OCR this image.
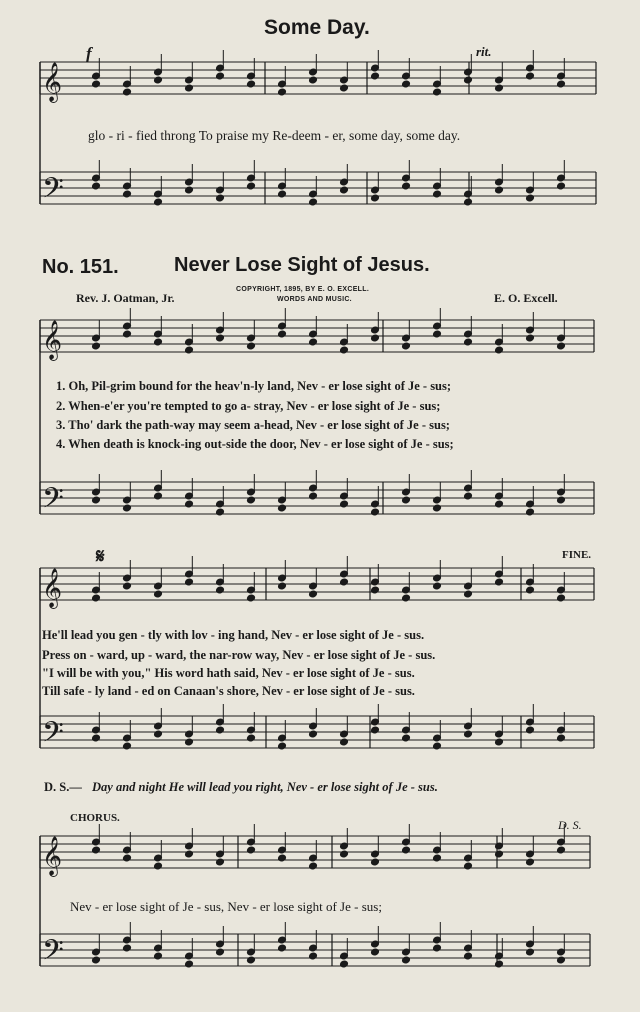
𝄞
𝄢
𝄞
𝄢
𝄞
𝄢
𝄞
𝄢
Some Day.
f	rit.
glo - ri - fied throng To praise my Re-deem - er, some day, some day.
No. 151.	Never Lose Sight of Jesus.
COPYRIGHT, 1895, BY E. O. EXCELL.
WORDS AND MUSIC.
Rev. J. Oatman, Jr.	E. O. Excell.
1. Oh, Pil-grim bound for the heav'n-ly land, Nev - er lose sight of Je - sus;
2. When-e'er you're tempted to go a- stray, Nev - er lose sight of Je - sus;
3. Tho' dark the path-way may seem a-head, Nev - er lose sight of Je - sus;
4. When death is knock-ing out-side the door, Nev - er lose sight of Je - sus;
𝄋	FINE.
He'll lead you gen - tly with lov - ing hand, Nev - er lose sight of Je - sus.
Press on - ward, up - ward, the nar-row way, Nev - er lose sight of Je - sus.
"I will be with you," His word hath said, Nev - er lose sight of Je - sus.
Till safe - ly land - ed on Canaan's shore, Nev - er lose sight of Je - sus.
D. S.— Day and night He will lead you right, Nev - er lose sight of Je - sus.
CHORUS.	D. S.
Nev - er lose sight of Je - sus, Nev - er lose sight of Je - sus;
